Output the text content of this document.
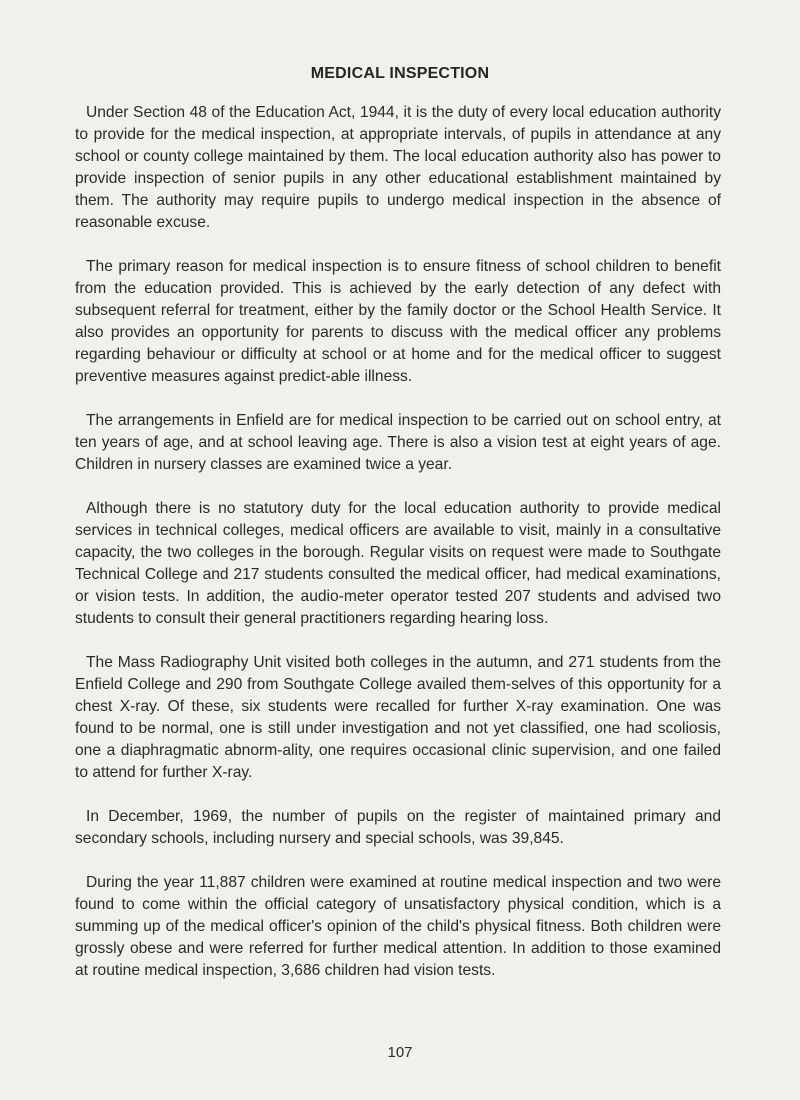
MEDICAL INSPECTION

Under Section 48 of the Education Act, 1944, it is the duty of every local education authority to provide for the medical inspection, at appropriate intervals, of pupils in attendance at any school or county college maintained by them. The local education authority also has power to provide inspection of senior pupils in any other educational establishment maintained by them. The authority may require pupils to undergo medical inspection in the absence of reasonable excuse.

The primary reason for medical inspection is to ensure fitness of school children to benefit from the education provided. This is achieved by the early detection of any defect with subsequent referral for treatment, either by the family doctor or the School Health Service. It also provides an opportunity for parents to discuss with the medical officer any problems regarding behaviour or difficulty at school or at home and for the medical officer to suggest preventive measures against predict-able illness.

The arrangements in Enfield are for medical inspection to be carried out on school entry, at ten years of age, and at school leaving age. There is also a vision test at eight years of age. Children in nursery classes are examined twice a year.

Although there is no statutory duty for the local education authority to provide medical services in technical colleges, medical officers are available to visit, mainly in a consultative capacity, the two colleges in the borough. Regular visits on request were made to Southgate Technical College and 217 students consulted the medical officer, had medical examinations, or vision tests. In addition, the audio-meter operator tested 207 students and advised two students to consult their general practitioners regarding hearing loss.

The Mass Radiography Unit visited both colleges in the autumn, and 271 students from the Enfield College and 290 from Southgate College availed them-selves of this opportunity for a chest X-ray. Of these, six students were recalled for further X-ray examination. One was found to be normal, one is still under investigation and not yet classified, one had scoliosis, one a diaphragmatic abnorm-ality, one requires occasional clinic supervision, and one failed to attend for further X-ray.

In December, 1969, the number of pupils on the register of maintained primary and secondary schools, including nursery and special schools, was 39,845.

During the year 11,887 children were examined at routine medical inspection and two were found to come within the official category of unsatisfactory physical condition, which is a summing up of the medical officer's opinion of the child's physical fitness. Both children were grossly obese and were referred for further medical attention. In addition to those examined at routine medical inspection, 3,686 children had vision tests.

107
